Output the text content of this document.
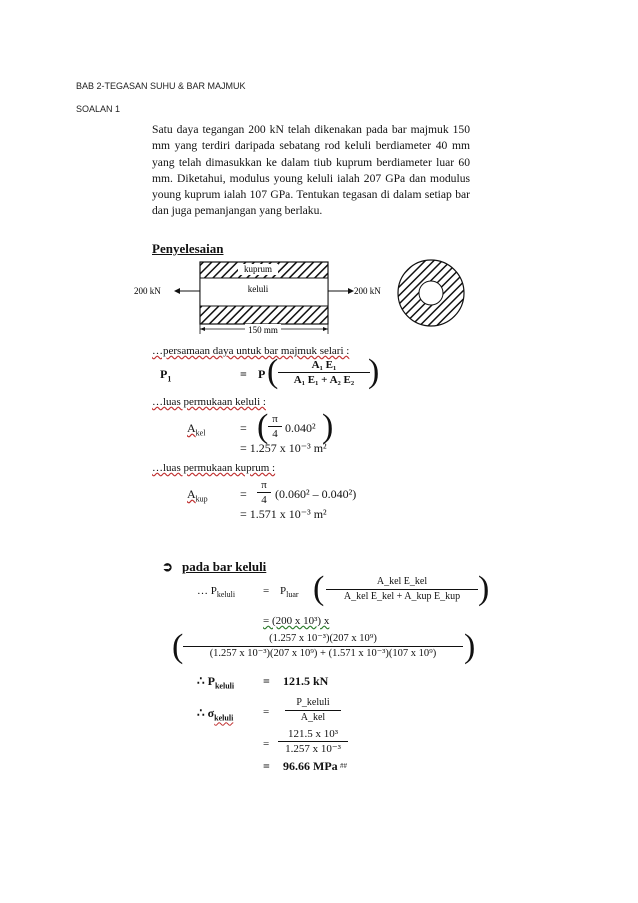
BAB 2-TEGASAN SUHU & BAR MAJMUK
SOALAN 1
Satu daya tegangan 200 kN telah dikenakan pada bar majmuk 150 mm yang terdiri daripada sebatang rod keluli berdiameter 40 mm yang telah dimasukkan ke dalam tiub kuprum berdiameter luar 60 mm. Diketahui, modulus young keluli ialah 207 GPa dan modulus young kuprum ialah 107 GPa. Tentukan tegasan di dalam setiap bar dan juga pemanjangan yang berlaku.
Penyelesaian
kuprum
keluli
200 kN	200 kN
150 mm
…persamaan daya untuk bar majmuk selari :
$P_1$	= P ( $\frac{\text{A₁ E₁}}{\text{A₁ E₁ + A₂ E₂}}$
)
…luas permukaan keluli :
$A_{kel}$	= ( $\frac{\pi}{4} 0.040^2$ )
= 1.257 x 10⁻³ m²
…luas permukaan kuprum :
$A_{kup}$	= $\frac{\pi}{4} (0.060^2 - 0.040^2)$
= 1.571 x 10⁻³ m²
➲ pada bar keluli
… $P_{keluli}$	= $P_{luar}$ (	A_kel E_kel
A_kel E_kel + A_kup E_kup )
= (200 x 10³) x
( $\frac{\text{(1.257 x 10⁻³)(207 x 10⁹)}}{\text{(1.257 x 10⁻³)(207 x 10⁹) + (1.571 x 10⁻³)(107 x 10⁹)}}$ )
∴ $P_{keluli} = 121.5$ kN
∴ $\sigma_{keluli}$	=
P_keluli
A_kel
= $\frac{\text{121.5 x 10³}}{\text{1.257 x 10⁻³}}$
= 96.66 MPa ##
